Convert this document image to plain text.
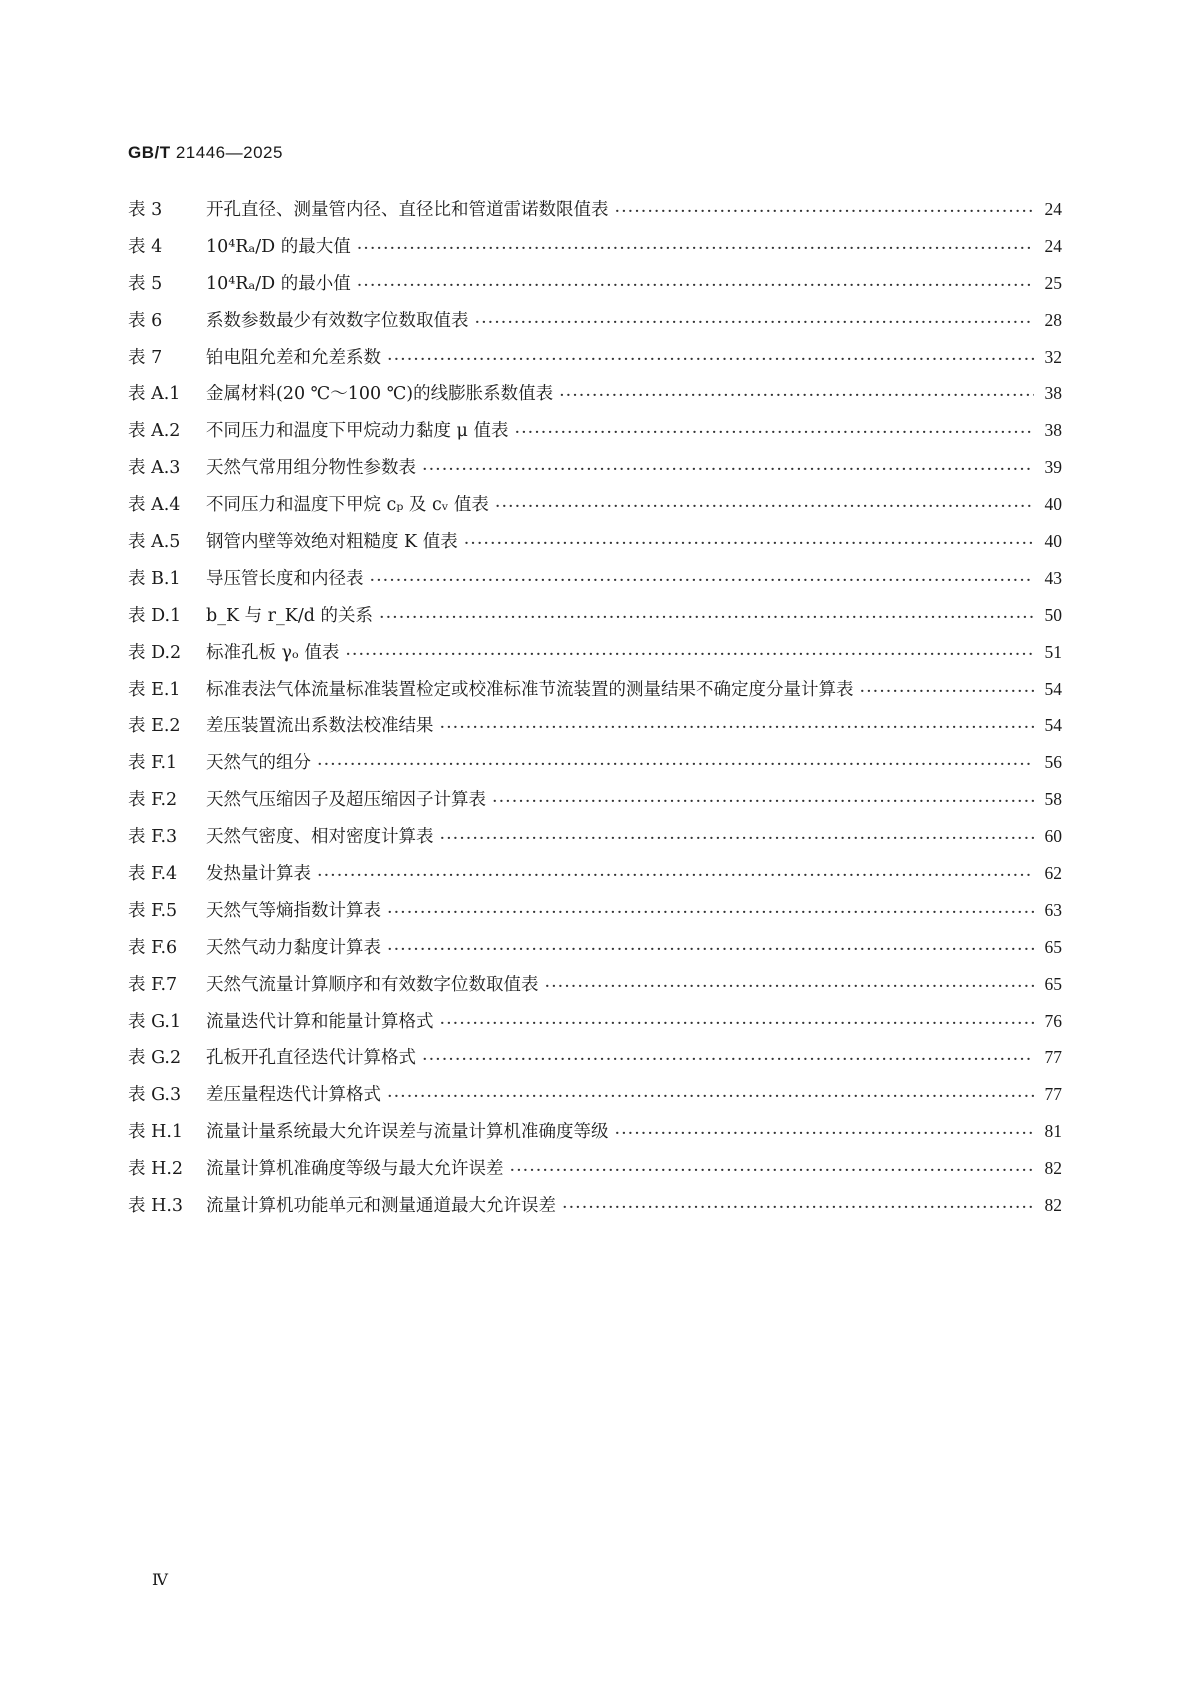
GB/T 21446—2025
表 3	开孔直径、测量管内径、直径比和管道雷诺数限值表 ·····	24
表 4	10⁴Rₐ/D 的最大值 ·····	24
表 5	10⁴Rₐ/D 的最小值 ·····	25
表 6	系数参数最少有效数字位数取值表 ·····	28
表 7	铂电阻允差和允差系数 ·····	32
表 A.1	金属材料(20 ℃～100 ℃)的线膨胀系数值表 ·····	38
表 A.2	不同压力和温度下甲烷动力黏度 μ 值表 ·····	38
表 A.3	天然气常用组分物性参数表 ·····	39
表 A.4	不同压力和温度下甲烷 cₚ 及 cᵥ 值表 ·····	40
表 A.5	钢管内壁等效绝对粗糙度 K 值表 ·····	40
表 B.1	导压管长度和内径表 ·····	43
表 D.1	b_K 与 r_K/d 的关系 ·····	50
表 D.2	标准孔板 γₒ 值表 ·····	51
表 E.1	标准表法气体流量标准装置检定或校准标准节流装置的测量结果不确定度分量计算表 ·····	54
表 E.2	差压装置流出系数法校准结果 ·····	54
表 F.1	天然气的组分 ·····	56
表 F.2	天然气压缩因子及超压缩因子计算表 ·····	58
表 F.3	天然气密度、相对密度计算表 ·····	60
表 F.4	发热量计算表 ·····	62
表 F.5	天然气等熵指数计算表 ·····	63
表 F.6	天然气动力黏度计算表 ·····	65
表 F.7	天然气流量计算顺序和有效数字位数取值表 ·····	65
表 G.1	流量迭代计算和能量计算格式 ·····	76
表 G.2	孔板开孔直径迭代计算格式 ·····	77
表 G.3	差压量程迭代计算格式 ·····	77
表 H.1	流量计量系统最大允许误差与流量计算机准确度等级 ·····	81
表 H.2	流量计算机准确度等级与最大允许误差 ·····	82
表 H.3	流量计算机功能单元和测量通道最大允许误差 ·····	82
Ⅳ
